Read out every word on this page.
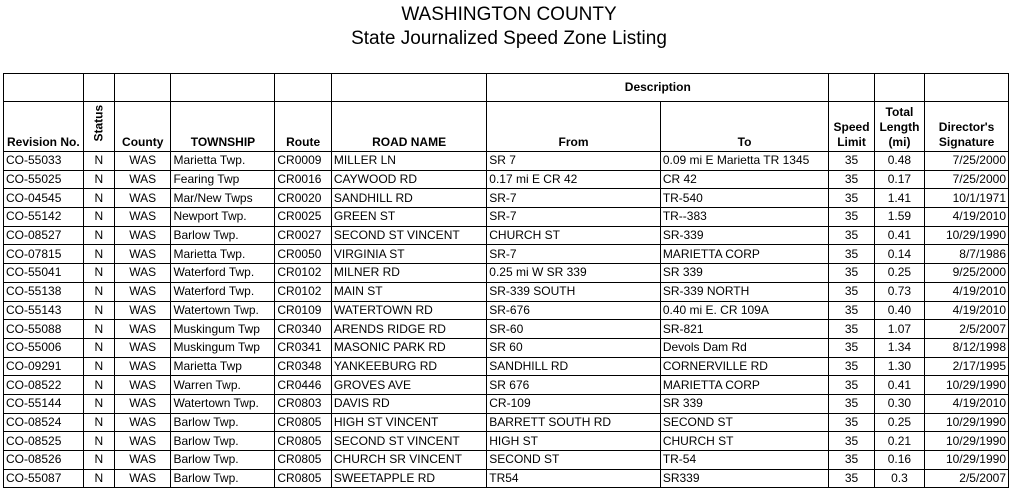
WASHINGTON COUNTY
State Journalized Speed Zone Listing
						Description				
Revision No.	Status	County	TOWNSHIP	Route	ROAD NAME	From	To	Speed Limit	Total Length (mi)	Director's Signature
CO-55033	N	WAS	Marietta Twp.	CR0009	MILLER LN	SR 7	0.09 mi E Marietta TR 1345	35	0.48	7/25/2000
CO-55025	N	WAS	Fearing Twp	CR0016	CAYWOOD RD	0.17 mi E CR 42	CR 42	35	0.17	7/25/2000
CO-04545	N	WAS	Mar/New Twps	CR0020	SANDHILL RD	SR-7	TR-540	35	1.41	10/1/1971
CO-55142	N	WAS	Newport Twp.	CR0025	GREEN ST	SR-7	TR--383	35	1.59	4/19/2010
CO-08527	N	WAS	Barlow Twp.	CR0027	SECOND ST VINCENT	CHURCH ST	SR-339	35	0.41	10/29/1990
CO-07815	N	WAS	Marietta Twp.	CR0050	VIRGINIA ST	SR-7	MARIETTA CORP	35	0.14	8/7/1986
CO-55041	N	WAS	Waterford Twp.	CR0102	MILNER RD	0.25 mi W SR 339	SR 339	35	0.25	9/25/2000
CO-55138	N	WAS	Waterford Twp.	CR0102	MAIN ST	SR-339 SOUTH	SR-339 NORTH	35	0.73	4/19/2010
CO-55143	N	WAS	Watertown Twp.	CR0109	WATERTOWN RD	SR-676	0.40 mi E. CR 109A	35	0.40	4/19/2010
CO-55088	N	WAS	Muskingum Twp	CR0340	ARENDS RIDGE RD	SR-60	SR-821	35	1.07	2/5/2007
CO-55006	N	WAS	Muskingum Twp	CR0341	MASONIC PARK RD	SR 60	Devols Dam Rd	35	1.34	8/12/1998
CO-09291	N	WAS	Marietta Twp	CR0348	YANKEEBURG RD	SANDHILL RD	CORNERVILLE RD	35	1.30	2/17/1995
CO-08522	N	WAS	Warren Twp.	CR0446	GROVES AVE	SR 676	MARIETTA CORP	35	0.41	10/29/1990
CO-55144	N	WAS	Watertown Twp.	CR0803	DAVIS RD	CR-109	SR 339	35	0.30	4/19/2010
CO-08524	N	WAS	Barlow Twp.	CR0805	HIGH ST VINCENT	BARRETT SOUTH RD	SECOND ST	35	0.25	10/29/1990
CO-08525	N	WAS	Barlow Twp.	CR0805	SECOND ST VINCENT	HIGH ST	CHURCH ST	35	0.21	10/29/1990
CO-08526	N	WAS	Barlow Twp.	CR0805	CHURCH SR VINCENT	SECOND ST	TR-54	35	0.16	10/29/1990
CO-55087	N	WAS	Barlow Twp.	CR0805	SWEETAPPLE RD	TR54	SR339	35	0.3	2/5/2007
